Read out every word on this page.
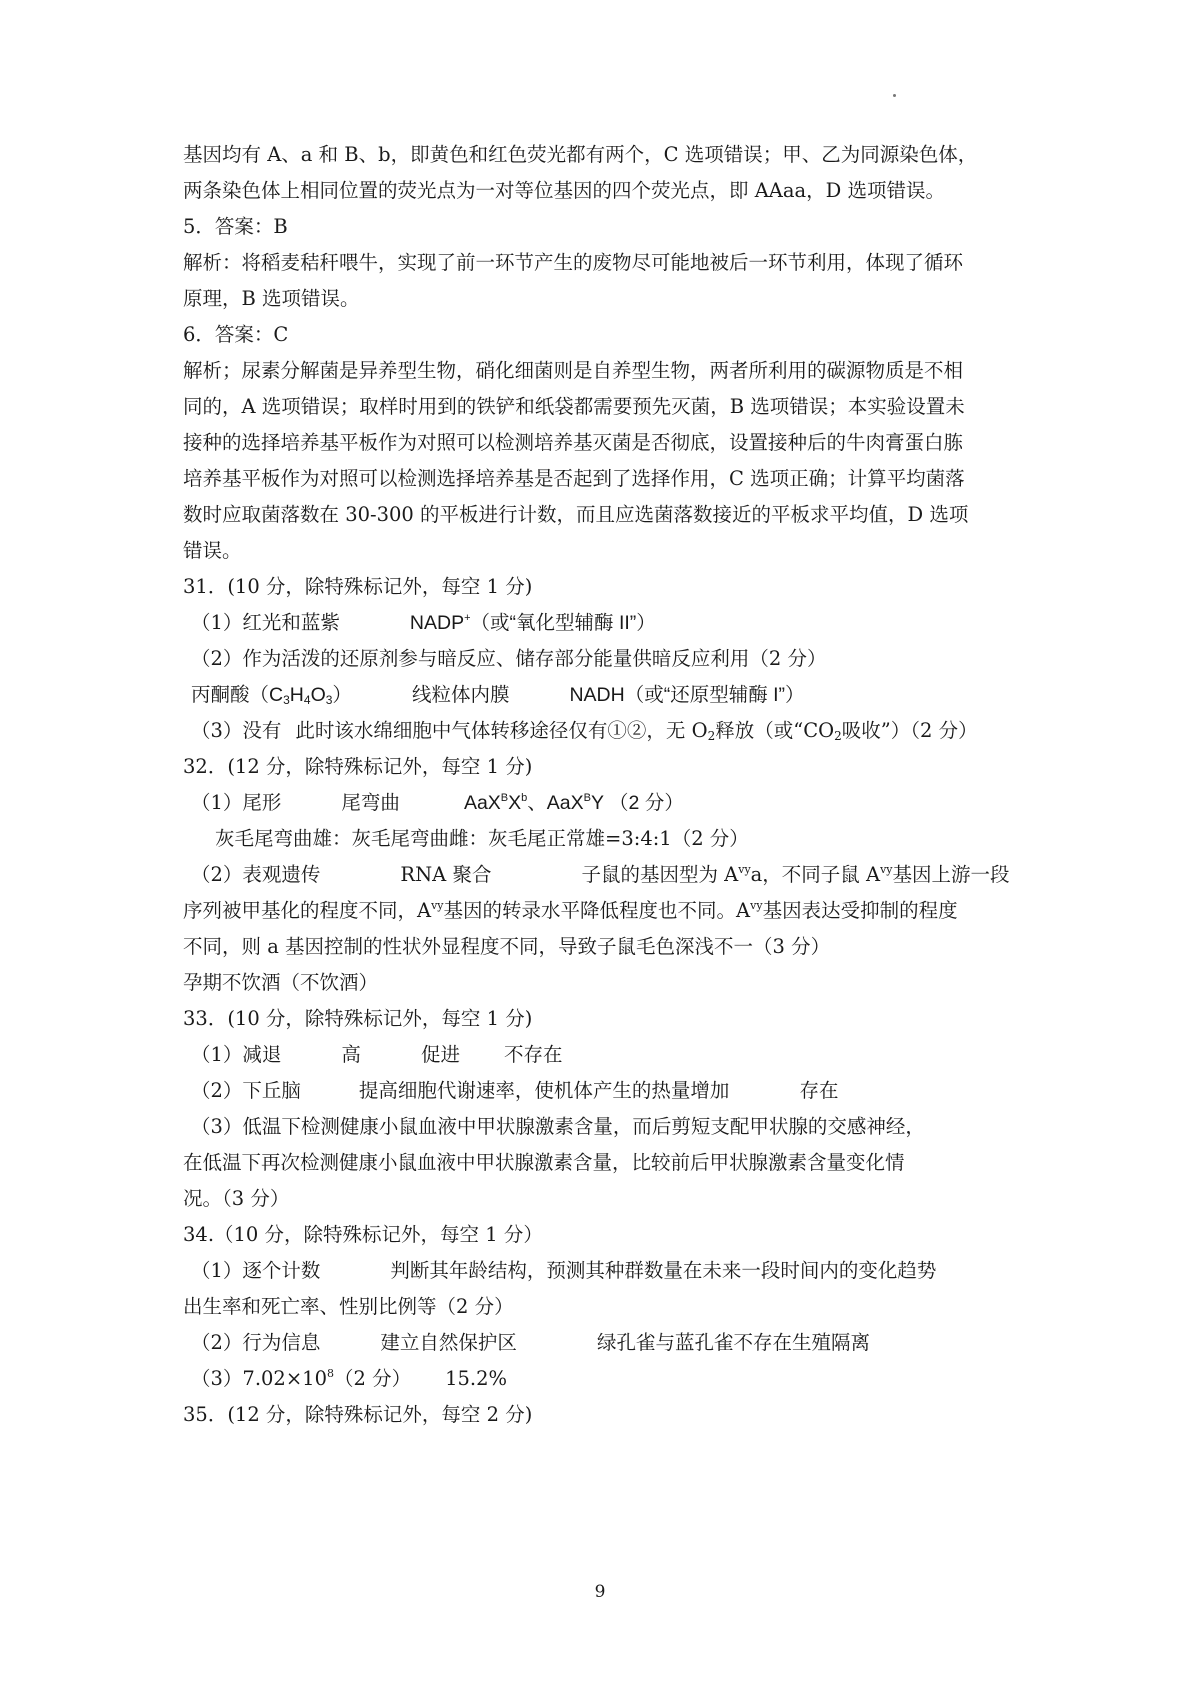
基因均有 A、a 和 B、b，即黄色和红色荧光都有两个，C 选项错误；甲、乙为同源染色体，
两条染色体上相同位置的荧光点为一对等位基因的四个荧光点，即 AAaa，D 选项错误。
5．答案：B
解析：将稻麦秸秆喂牛，实现了前一环节产生的废物尽可能地被后一环节利用，体现了循环
原理，B 选项错误。
6．答案：C
解析；尿素分解菌是异养型生物，硝化细菌则是自养型生物，两者所利用的碳源物质是不相
同的，A 选项错误；取样时用到的铁铲和纸袋都需要预先灭菌，B 选项错误；本实验设置未
接种的选择培养基平板作为对照可以检测培养基灭菌是否彻底，设置接种后的牛肉膏蛋白胨
培养基平板作为对照可以检测选择培养基是否起到了选择作用，C 选项正确；计算平均菌落
数时应取菌落数在 30-300 的平板进行计数，而且应选菌落数接近的平板求平均值，D 选项
错误。
31．(10 分，除特殊标记外，每空 1 分)
（1）红光和蓝紫	NADP+（或“氧化型辅酶 II”）
（2）作为活泼的还原剂参与暗反应、储存部分能量供暗反应利用（2 分）
丙酮酸$(C_3H_4O_3)$	线粒体内膜	NADH（或“还原型辅酶 I”）
（3）没有 此时该水绵细胞中气体转移途径仅有①②，无 $O_2$释放（或“$CO_2$吸收”）（2 分）
32．(12 分，除特殊标记外，每空 1 分)
（1）尾形	尾弯曲	$AaX^BX^b$、AaX$^B$Y （2 分）
灰毛尾弯曲雄：灰毛尾弯曲雌：灰毛尾正常雄=3:4:1（2 分）
（2）表观遗传	RNA 聚合	子鼠的基因型为 $A^{vy}a$，不同子鼠 $A^{vy}$基因上游一段
序列被甲基化的程度不同，$A^{vy}$基因的转录水平降低程度也不同。$A^{vy}$基因表达受抑制的程度
不同，则 a 基因控制的性状外显程度不同，导致子鼠毛色深浅不一（3 分）
孕期不饮酒（不饮酒）
33．(10 分，除特殊标记外，每空 1 分)
（1）减退	高	促进 不存在
（2）下丘脑	提高细胞代谢速率，使机体产生的热量增加	存在
（3）低温下检测健康小鼠血液中甲状腺激素含量，而后剪短支配甲状腺的交感神经，
在低温下再次检测健康小鼠血液中甲状腺激素含量，比较前后甲状腺激素含量变化情
况。（3 分）
34.（10 分，除特殊标记外，每空 1 分）
（1）逐个计数	判断其年龄结构，预测其种群数量在未来一段时间内的变化趋势
出生率和死亡率、性别比例等（2 分）
（2）行为信息	建立自然保护区	绿孔雀与蓝孔雀不存在生殖隔离
$(3)7.02\times 10^8(2$ 分） 15.2%
35．(12 分，除特殊标记外，每空 2 分)
9
